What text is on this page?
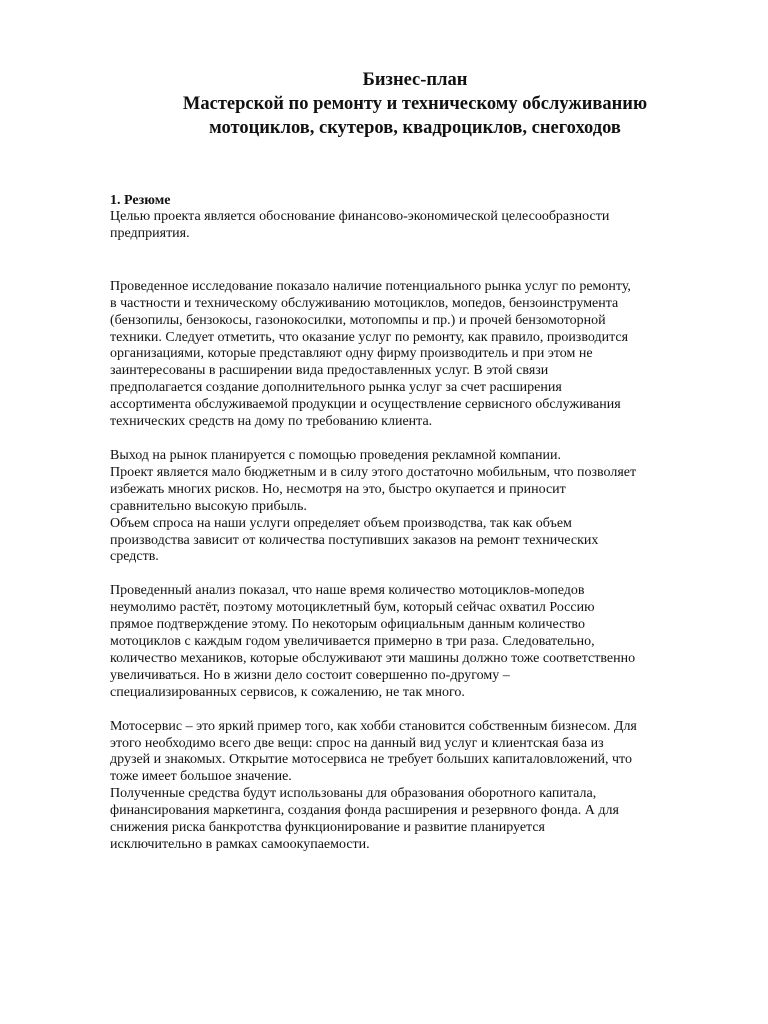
Бизнес-план
Мастерской по ремонту и техническому обслуживанию
мотоциклов, скутеров, квадроциклов, снегоходов
1. Резюме

Целью проекта является обоснование финансово-экономической целесообразности
предприятия.

Проведенное исследование показало наличие потенциального рынка услуг по ремонту,
в частности и техническому обслуживанию мотоциклов, мопедов, бензоинструмента
(бензопилы, бензокосы, газонокосилки, мотопомпы и пр.) и прочей бензомоторной
техники. Следует отметить, что оказание услуг по ремонту, как правило, производится
организациями, которые представляют одну фирму производитель и при этом не
заинтересованы в расширении вида предоставленных услуг. В этой связи
предполагается создание дополнительного рынка услуг за счет расширения
ассортимента обслуживаемой продукции и осуществление сервисного обслуживания
технических средств на дому по требованию клиента.

Выход на рынок планируется с помощью проведения рекламной компании.
Проект является мало бюджетным и в силу этого достаточно мобильным, что позволяет
избежать многих рисков. Но, несмотря на это, быстро окупается и приносит
сравнительно высокую прибыль.
Объем спроса на наши услуги определяет объем производства, так как объем
производства зависит от количества поступивших заказов на ремонт технических
средств.

Проведенный анализ показал, что наше время количество мотоциклов-мопедов
неумолимо растёт, поэтому мотоциклетный бум, который сейчас охватил Россию
прямое подтверждение этому. По некоторым официальным данным количество
мотоциклов с каждым годом увеличивается примерно в три раза. Следовательно,
количество механиков, которые обслуживают эти машины должно тоже соответственно
увеличиваться. Но в жизни дело состоит совершенно по-другому –
специализированных сервисов, к сожалению, не так много.

Мотосервис – это яркий пример того, как хобби становится собственным бизнесом. Для
этого необходимо всего две вещи: спрос на данный вид услуг и клиентская база из
друзей и знакомых. Открытие мотосервиса не требует больших капиталовложений, что
тоже имеет большое значение.
Полученные средства будут использованы для образования оборотного капитала,
финансирования маркетинга, создания фонда расширения и резервного фонда. А для
снижения риска банкротства функционирование и развитие планируется
исключительно в рамках самоокупаемости.
